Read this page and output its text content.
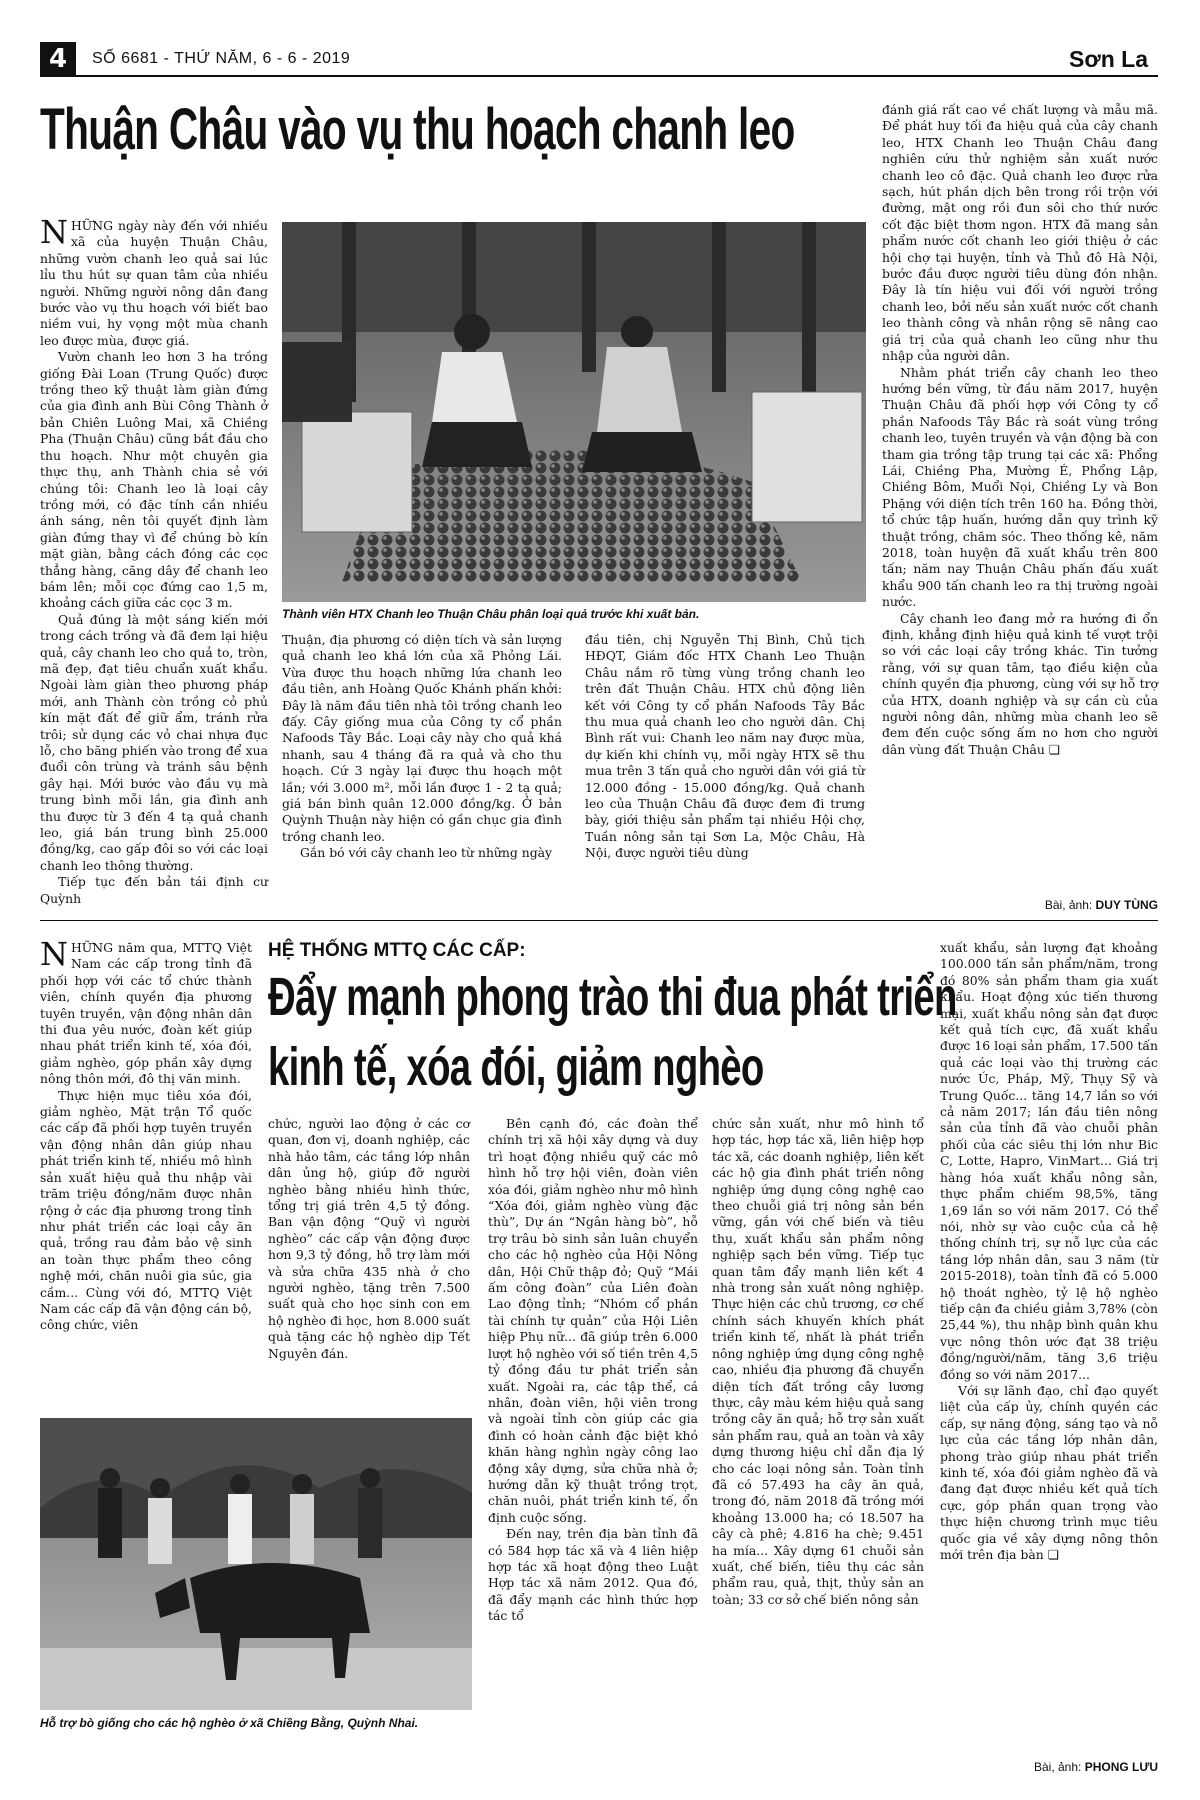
4	SỐ 6681 - THỨ NĂM, 6 - 6 - 2019	Sơn La
Thuận Châu vào vụ thu hoạch chanh leo

NHỮNG ngày này đến với nhiều xã của huyện Thuận Châu, những vườn chanh leo quả sai lúc lỉu thu hút sự quan tâm của nhiều người. Những người nông dân đang bước vào vụ thu hoạch với biết bao niềm vui, hy vọng một mùa chanh leo được mùa, được giá.

Vườn chanh leo hơn 3 ha trồng giống Đài Loan (Trung Quốc) được trồng theo kỹ thuật làm giàn đứng của gia đình anh Bùi Công Thành ở bản Chiên Luông Mai, xã Chiềng Pha (Thuận Châu) cũng bắt đầu cho thu hoạch. Như một chuyên gia thực thụ, anh Thành chia sẻ với chúng tôi: Chanh leo là loại cây trồng mới, có đặc tính cần nhiều ánh sáng, nên tôi quyết định làm giàn đứng thay vì để chúng bò kín mặt giàn, bằng cách đóng các cọc thẳng hàng, căng dây để chanh leo bám lên; mỗi cọc đứng cao 1,5 m, khoảng cách giữa các cọc 3 m.

Quả đúng là một sáng kiến mới trong cách trồng và đã đem lại hiệu quả, cây chanh leo cho quả to, tròn, mã đẹp, đạt tiêu chuẩn xuất khẩu. Ngoài làm giàn theo phương pháp mới, anh Thành còn trồng cỏ phủ kín mặt đất để giữ ẩm, tránh rửa trôi; sử dụng các vỏ chai nhựa đục lỗ, cho băng phiến vào trong để xua đuổi côn trùng và tránh sâu bệnh gây hại. Mới bước vào đầu vụ mà trung bình mỗi lần, gia đình anh thu được từ 3 đến 4 tạ quả chanh leo, giá bán trung bình 25.000 đồng/kg, cao gấp đôi so với các loại chanh leo thông thường.

Tiếp tục đến bản tái định cư Quỳnh

Thành viên HTX Chanh leo Thuận Châu phân loại quả trước khi xuất bản.

Thuận, địa phương có diện tích và sản lượng quả chanh leo khá lớn của xã Phỏng Lái. Vừa được thu hoạch những lứa chanh leo đầu tiên, anh Hoàng Quốc Khánh phấn khởi: Đây là năm đầu tiên nhà tôi trồng chanh leo đấy. Cây giống mua của Công ty cổ phần Nafoods Tây Bắc. Loại cây này cho quả khá nhanh, sau 4 tháng đã ra quả và cho thu hoạch. Cứ 3 ngày lại được thu hoạch một lần; với 3.000 m², mỗi lần được 1 - 2 tạ quả; giá bán bình quân 12.000 đồng/kg. Ở bản Quỳnh Thuận này hiện có gần chục gia đình trồng chanh leo.

Gắn bó với cây chanh leo từ những ngày

đầu tiên, chị Nguyễn Thị Bình, Chủ tịch HĐQT, Giám đốc HTX Chanh Leo Thuận Châu nắm rõ từng vùng trồng chanh leo trên đất Thuận Châu. HTX chủ động liên kết với Công ty cổ phần Nafoods Tây Bắc thu mua quả chanh leo cho người dân. Chị Bình rất vui: Chanh leo năm nay được mùa, dự kiến khi chính vụ, mỗi ngày HTX sẽ thu mua trên 3 tấn quả cho người dân với giá từ 12.000 đồng - 15.000 đồng/kg. Quả chanh leo của Thuận Châu đã được đem đi trưng bày, giới thiệu sản phẩm tại nhiều Hội chợ, Tuần nông sản tại Sơn La, Mộc Châu, Hà Nội, được người tiêu dùng

đánh giá rất cao về chất lượng và mẫu mã. Để phát huy tối đa hiệu quả của cây chanh leo, HTX Chanh leo Thuận Châu đang nghiên cứu thử nghiệm sản xuất nước chanh leo cô đặc. Quả chanh leo được rửa sạch, hút phần dịch bên trong rồi trộn với đường, mật ong rồi đun sôi cho thứ nước cốt đặc biệt thơm ngon. HTX đã mang sản phẩm nước cốt chanh leo giới thiệu ở các hội chợ tại huyện, tỉnh và Thủ đô Hà Nội, bước đầu được người tiêu dùng đón nhận. Đây là tín hiệu vui đối với người trồng chanh leo, bởi nếu sản xuất nước cốt chanh leo thành công và nhân rộng sẽ nâng cao giá trị của quả chanh leo cũng như thu nhập của người dân.

Nhằm phát triển cây chanh leo theo hướng bền vững, từ đầu năm 2017, huyện Thuận Châu đã phối hợp với Công ty cổ phần Nafoods Tây Bắc rà soát vùng trồng chanh leo, tuyên truyền và vận động bà con tham gia trồng tập trung tại các xã: Phổng Lái, Chiềng Pha, Mường É, Phổng Lập, Chiềng Bôm, Muổi Nọi, Chiềng Ly và Bon Phặng với diện tích trên 160 ha. Đồng thời, tổ chức tập huấn, hướng dẫn quy trình kỹ thuật trồng, chăm sóc. Theo thống kê, năm 2018, toàn huyện đã xuất khẩu trên 800 tấn; năm nay Thuận Châu phấn đấu xuất khẩu 900 tấn chanh leo ra thị trường ngoài nước.

Cây chanh leo đang mở ra hướng đi ổn định, khẳng định hiệu quả kinh tế vượt trội so với các loại cây trồng khác. Tin tưởng rằng, với sự quan tâm, tạo điều kiện của chính quyền địa phương, cùng với sự hỗ trợ của HTX, doanh nghiệp và sự cần cù của người nông dân, những mùa chanh leo sẽ đem đến cuộc sống ấm no hơn cho người dân vùng đất Thuận Châu ❏

Bài, ảnh: DUY TÙNG

NHỮNG năm qua, MTTQ Việt Nam các cấp trong tỉnh đã phối hợp với các tổ chức thành viên, chính quyền địa phương tuyên truyền, vận động nhân dân thi đua yêu nước, đoàn kết giúp nhau phát triển kinh tế, xóa đói, giảm nghèo, góp phần xây dựng nông thôn mới, đô thị văn minh.

Thực hiện mục tiêu xóa đói, giảm nghèo, Mặt trận Tổ quốc các cấp đã phối hợp tuyên truyền vận động nhân dân giúp nhau phát triển kinh tế, nhiều mô hình sản xuất hiệu quả thu nhập vài trăm triệu đồng/năm được nhân rộng ở các địa phương trong tỉnh như phát triển các loại cây ăn quả, trồng rau đảm bảo vệ sinh an toàn thực phẩm theo công nghệ mới, chăn nuôi gia súc, gia cầm... Cùng với đó, MTTQ Việt Nam các cấp đã vận động cán bộ, công chức, viên

HỆ THỐNG MTTQ CÁC CẤP:
Đẩy mạnh phong trào thi đua phát triển
kinh tế, xóa đói, giảm nghèo

chức, người lao động ở các cơ quan, đơn vị, doanh nghiệp, các nhà hảo tâm, các tầng lớp nhân dân ủng hộ, giúp đỡ người nghèo bằng nhiều hình thức, tổng trị giá trên 4,5 tỷ đồng. Ban vận động “Quỹ vì người nghèo” các cấp vận động được hơn 9,3 tỷ đồng, hỗ trợ làm mới và sửa chữa 435 nhà ở cho người nghèo, tặng trên 7.500 suất quà cho học sinh con em hộ nghèo đi học, hơn 8.000 suất quà tặng các hộ nghèo dịp Tết Nguyên đán.

Bên cạnh đó, các đoàn thể chính trị xã hội xây dựng và duy trì hoạt động nhiều quỹ các mô hình hỗ trợ hội viên, đoàn viên xóa đói, giảm nghèo như mô hình “Xóa đói, giảm nghèo vùng đặc thù”, Dự án “Ngân hàng bò”, hỗ trợ trâu bò sinh sản luân chuyển cho các hộ nghèo của Hội Nông dân, Hội Chữ thập đỏ; Quỹ “Mái ấm công đoàn” của Liên đoàn Lao động tỉnh; “Nhóm cổ phần tài chính tự quản” của Hội Liên hiệp Phụ nữ... đã giúp trên 6.000 lượt hộ nghèo với số tiền trên 4,5 tỷ đồng đầu tư phát triển sản xuất. Ngoài ra, các tập thể, cá nhân, đoàn viên, hội viên trong và ngoài tỉnh còn giúp các gia đình có hoàn cảnh đặc biệt khó khăn hàng nghìn ngày công lao động xây dựng, sửa chữa nhà ở; hướng dẫn kỹ thuật trồng trọt, chăn nuôi, phát triển kinh tế, ổn định cuộc sống.

Đến nay, trên địa bàn tỉnh đã có 584 hợp tác xã và 4 liên hiệp hợp tác xã hoạt động theo Luật Hợp tác xã năm 2012. Qua đó, đã đẩy mạnh các hình thức hợp tác tổ

chức sản xuất, như mô hình tổ hợp tác, hợp tác xã, liên hiệp hợp tác xã, các doanh nghiệp, liên kết các hộ gia đình phát triển nông nghiệp ứng dụng công nghệ cao theo chuỗi giá trị nông sản bền vững, gắn với chế biến và tiêu thụ, xuất khẩu sản phẩm nông nghiệp sạch bền vững. Tiếp tục quan tâm đẩy mạnh liên kết 4 nhà trong sản xuất nông nghiệp. Thực hiện các chủ trương, cơ chế chính sách khuyến khích phát triển kinh tế, nhất là phát triển nông nghiệp ứng dụng công nghệ cao, nhiều địa phương đã chuyển diện tích đất trồng cây lương thực, cây màu kém hiệu quả sang trồng cây ăn quả; hỗ trợ sản xuất sản phẩm rau, quả an toàn và xây dựng thương hiệu chỉ dẫn địa lý cho các loại nông sản. Toàn tỉnh đã có 57.493 ha cây ăn quả, trong đó, năm 2018 đã trồng mới khoảng 13.000 ha; có 18.507 ha cây cà phê; 4.816 ha chè; 9.451 ha mía... Xây dựng 61 chuỗi sản xuất, chế biến, tiêu thụ các sản phẩm rau, quả, thịt, thủy sản an toàn; 33 cơ sở chế biến nông sản

xuất khẩu, sản lượng đạt khoảng 100.000 tấn sản phẩm/năm, trong đó 80% sản phẩm tham gia xuất khẩu. Hoạt động xúc tiến thương mại, xuất khẩu nông sản đạt được kết quả tích cực, đã xuất khẩu được 16 loại sản phẩm, 17.500 tấn quả các loại vào thị trường các nước Úc, Pháp, Mỹ, Thụy Sỹ và Trung Quốc... tăng 14,7 lần so với cả năm 2017; lần đầu tiên nông sản của tỉnh đã vào chuỗi phân phối của các siêu thị lớn như Bic C, Lotte, Hapro, VinMart... Giá trị hàng hóa xuất khẩu nông sản, thực phẩm chiếm 98,5%, tăng 1,69 lần so với năm 2017. Có thể nói, nhờ sự vào cuộc của cả hệ thống chính trị, sự nỗ lực của các tầng lớp nhân dân, sau 3 năm (từ 2015-2018), toàn tỉnh đã có 5.000 hộ thoát nghèo, tỷ lệ hộ nghèo tiếp cận đa chiều giảm 3,78% (còn 25,44 %), thu nhập bình quân khu vực nông thôn ước đạt 38 triệu đồng/người/năm, tăng 3,6 triệu đồng so với năm 2017...

Với sự lãnh đạo, chỉ đạo quyết liệt của cấp ủy, chính quyền các cấp, sự năng động, sáng tạo và nỗ lực của các tầng lớp nhân dân, phong trào giúp nhau phát triển kinh tế, xóa đói giảm nghèo đã và đang đạt được nhiều kết quả tích cực, góp phần quan trọng vào thực hiện chương trình mục tiêu quốc gia về xây dựng nông thôn mới trên địa bàn ❏

Hỗ trợ bò giống cho các hộ nghèo ở xã Chiềng Bằng, Quỳnh Nhai.
Bài, ảnh: PHONG LƯU
